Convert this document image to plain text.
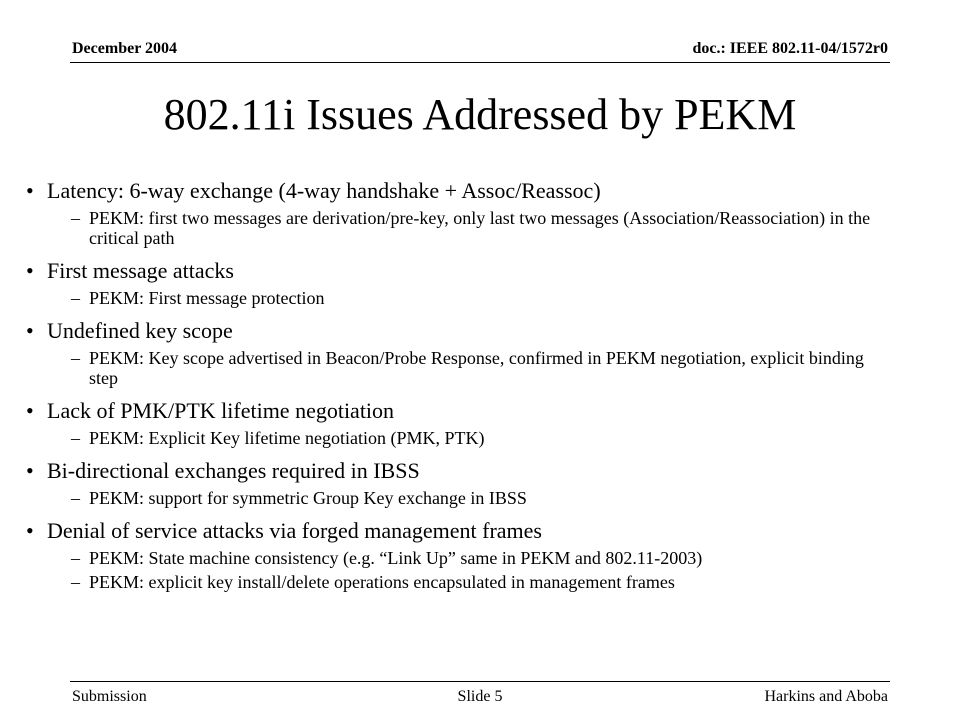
December 2004	doc.: IEEE 802.11-04/1572r0
802.11i Issues Addressed by PEKM
• Latency: 6-way exchange (4-way handshake + Assoc/Reassoc)
– PEKM: first two messages are derivation/pre-key, only last two messages (Association/Reassociation) in the critical path
• First message attacks
– PEKM: First message protection
• Undefined key scope
– PEKM: Key scope advertised in Beacon/Probe Response, confirmed in PEKM negotiation, explicit binding step
• Lack of PMK/PTK lifetime negotiation
– PEKM: Explicit Key lifetime negotiation (PMK, PTK)
• Bi-directional exchanges required in IBSS
– PEKM: support for symmetric Group Key exchange in IBSS
• Denial of service attacks via forged management frames
– PEKM: State machine consistency (e.g. “Link Up” same in PEKM and 802.11-2003)
– PEKM: explicit key install/delete operations encapsulated in management frames
Submission	Slide 5	Harkins and Aboba
